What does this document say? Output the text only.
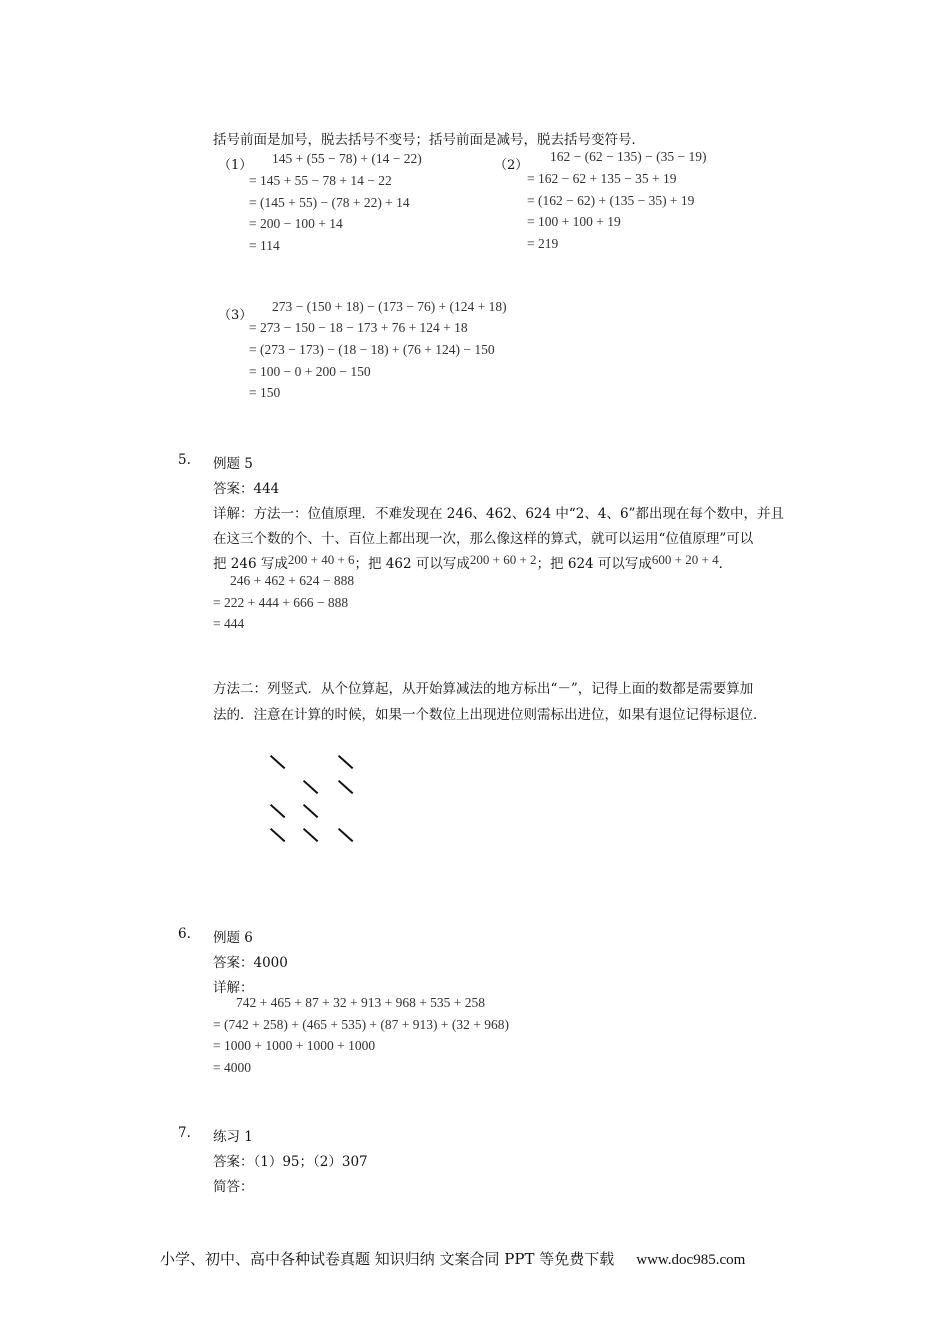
括号前面是加号，脱去括号不变号；括号前面是减号，脱去括号变符号．
（1） 145 + (55 − 78) + (14 − 22)
= 145 + 55 − 78 + 14 − 22
= (145 + 55) − (78 + 22) + 14
= 200 − 100 + 14
= 114
（2）
162 − (62 − 135) − (35 − 19)
= 162 − 62 + 135 − 35 + 19
= (162 − 62) + (135 − 35) + 19
= 100 + 100 + 19
= 219
（3）
273 − (150 + 18) − (173 − 76) + (124 + 18)
= 273 − 150 − 18 − 173 + 76 + 124 + 18
= (273 − 173) − (18 − 18) + (76 + 124) − 150
= 100 − 0 + 200 − 150
= 150
5. 例题 5
答案：444
详解：方法一：位值原理．不难发现在 246、462、624 中“2、4、6”都出现在每个数中，并且
在这三个数的个、十、百位上都出现一次，那么像这样的算式，就可以运用“位值原理”可以
把 246 写成200 + 40 + 6；把 462 可以写成200 + 60 + 2；把 624 可以写成600 + 20 + 4．
246 + 462 + 624 − 888
= 222 + 444 + 666 − 888
= 444
方法二：列竖式．从个位算起，从开始算减法的地方标出“－”，记得上面的数都是需要算加
法的．注意在计算的时候，如果一个数位上出现进位则需标出进位，如果有退位记得标退位．
6. 例题 6
答案：4000
详解：
742 + 465 + 87 + 32 + 913 + 968 + 535 + 258
= (742 + 258) + (465 + 535) + (87 + 913) + (32 + 968)
= 1000 + 1000 + 1000 + 1000
= 4000
7. 练习 1
答案：（1）95；（2）307
简答：
小学、初中、高中各种试卷真题 知识归纳 文案合同 PPT 等免费下载 www.doc985.com
